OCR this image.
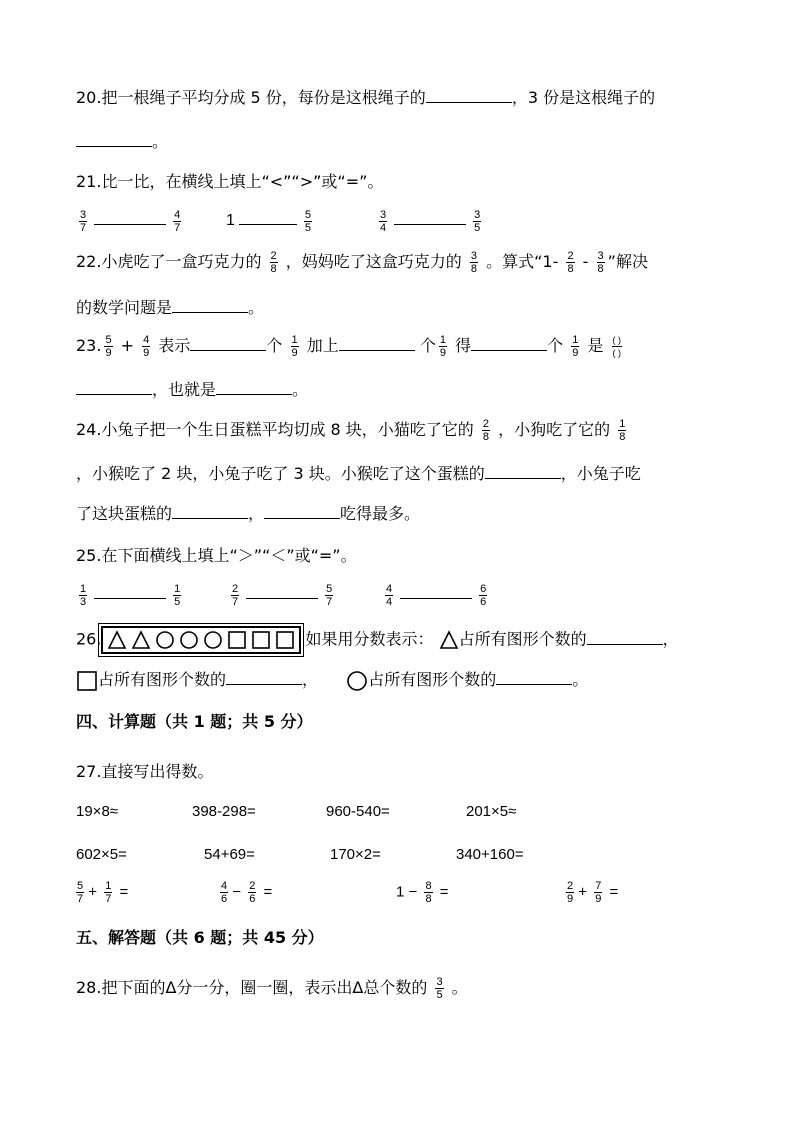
20.把一根绳子平均分成 5 份，每份是这根绳子的	，3 份是这根绳子的
。
21.比一比，在横线上填上“<”“>”或“=”。
$\frac{3}{7}$	$\frac{4}{7}$	1	$\frac{5}{5}$	$\frac{3}{4}$	$\frac{3}{5}$
22.小虎吃了一盒巧克力的 $\frac{2}{8}$ ，妈妈吃了这盒巧克力的 $\frac{3}{8}$ 。算式“$1- \frac{2}{8} - \frac{3}{8}$ ”解决
的数学问题是	。
23. $\frac{5}{9} + \frac{4}{9}$ 表示	个 $\frac{1}{9}$ 加上	个 $\frac{1}{9}$ 得	个 $\frac{1}{9}$ 是 $\frac{( )}{( )}$
，也就是	。
24.小兔子把一个生日蛋糕平均切成 8 块，小猫吃了它的 $\frac{2}{8}$ ，小狗吃了它的 $\frac{1}{8}$
，小猴吃了 2 块，小兔子吃了 3 块。小猴吃了这个蛋糕的	，小兔子吃
了这块蛋糕的	，	吃得最多。
25.在下面横线上填上“＞”“＜”或“=”。
$\frac{1}{3}$	$\frac{1}{5}$	$\frac{2}{7}$	$\frac{5}{7}$	$\frac{4}{4}$	$\frac{6}{6}$
26.	如果用分数表示： 占所有图形个数的	，
占所有图形个数的	，	占所有图形个数的	。
四、计算题（共 1 题；共 5 分）
27.直接写出得数。
19×8≈	398-298=	960-540=	201×5≈
602×5=	54+69=	170×2=	340+160=
$\frac{5}{7} + \frac{1}{7}$ =	$\frac{4}{6} - \frac{2}{6}$ =	$1 - \frac{8}{8}$ =	$\frac{2}{9} + \frac{7}{9}$ =
五、解答题（共 6 题；共 45 分）
28.把下面的Δ分一分，圈一圈，表示出Δ总个数的 $\frac{3}{5}$ 。
